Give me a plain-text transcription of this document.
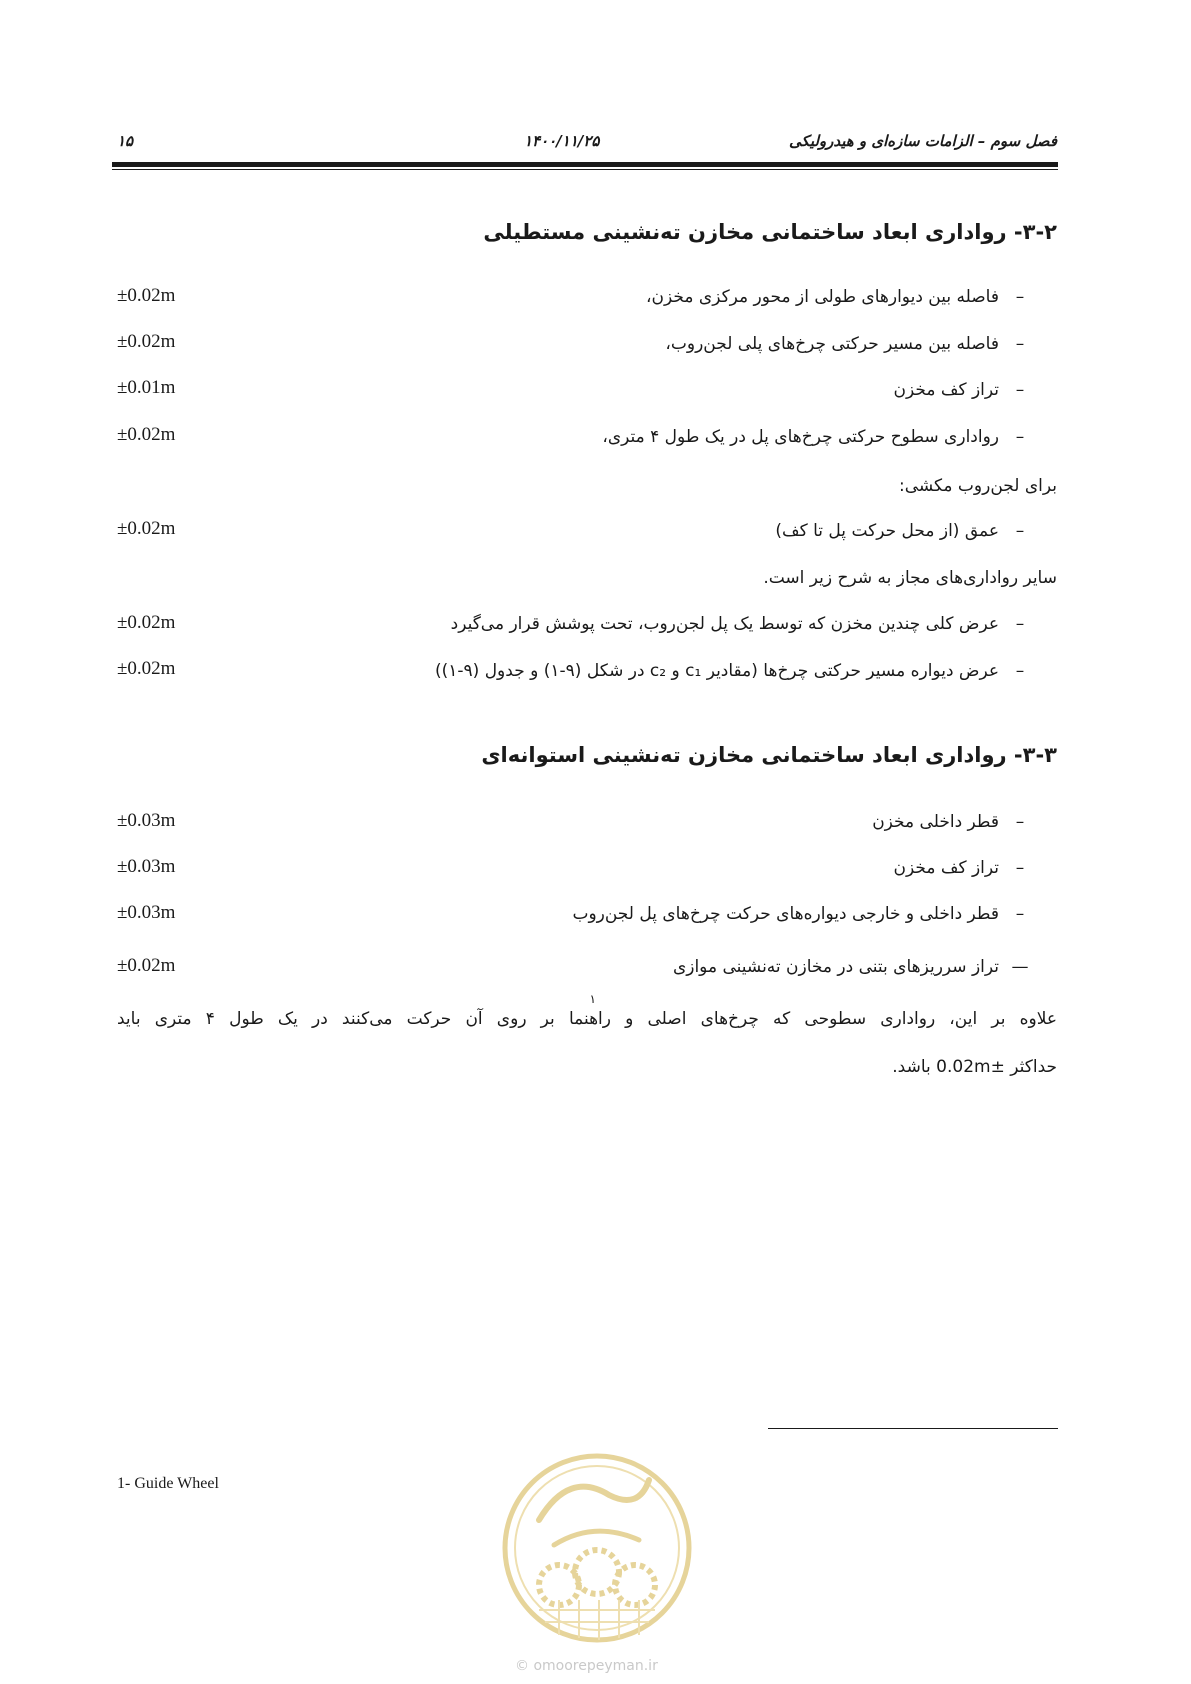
۱۵	۱۴۰۰/۱۱/۲۵	فصل سوم – الزامات سازه‌ای و هیدرولیکی
۳-۲- رواداری ابعاد ساختمانی مخازن ته‌نشینی مستطیلی
–فاصله بین دیوارهای طولی از محور مرکزی مخزن،
±0.02m
–فاصله بین مسیر حرکتی چرخ‌های پلی لجن‌روب،
±0.02m
–تراز کف مخزن
±0.01m
–رواداری سطوح حرکتی چرخ‌های پل در یک طول ۴ متری،
±0.02m
برای لجن‌روب مکشی:
–عمق (از محل حرکت پل تا کف)
±0.02m
سایر رواداری‌های مجاز به شرح زیر است.
–عرض کلی چندین مخزن که توسط یک پل لجن‌روب، تحت پوشش قرار می‌گیرد
±0.02m
–عرض دیواره مسیر حرکتی چرخ‌ها (مقادیر c₁ و c₂ در شکل (۹-۱) و جدول (۹-۱))
±0.02m
۳-۳- رواداری ابعاد ساختمانی مخازن ته‌نشینی استوانه‌ای
–قطر داخلی مخزن
±0.03m
–تراز کف مخزن
±0.03m
–قطر داخلی و خارجی دیواره‌های حرکت چرخ‌های پل لجن‌روب
±0.03m
—تراز سرریزهای بتنی در مخازن ته‌نشینی موازی
±0.02m
علاوه بر این، رواداری سطوحی که چرخ‌های اصلی و راهنما بر روی آن حرکت می‌کنند در یک طول ۴ متری باید
۱
حداکثر ±0.02m باشد.
1- Guide Wheel
© omoorepeyman.ir
